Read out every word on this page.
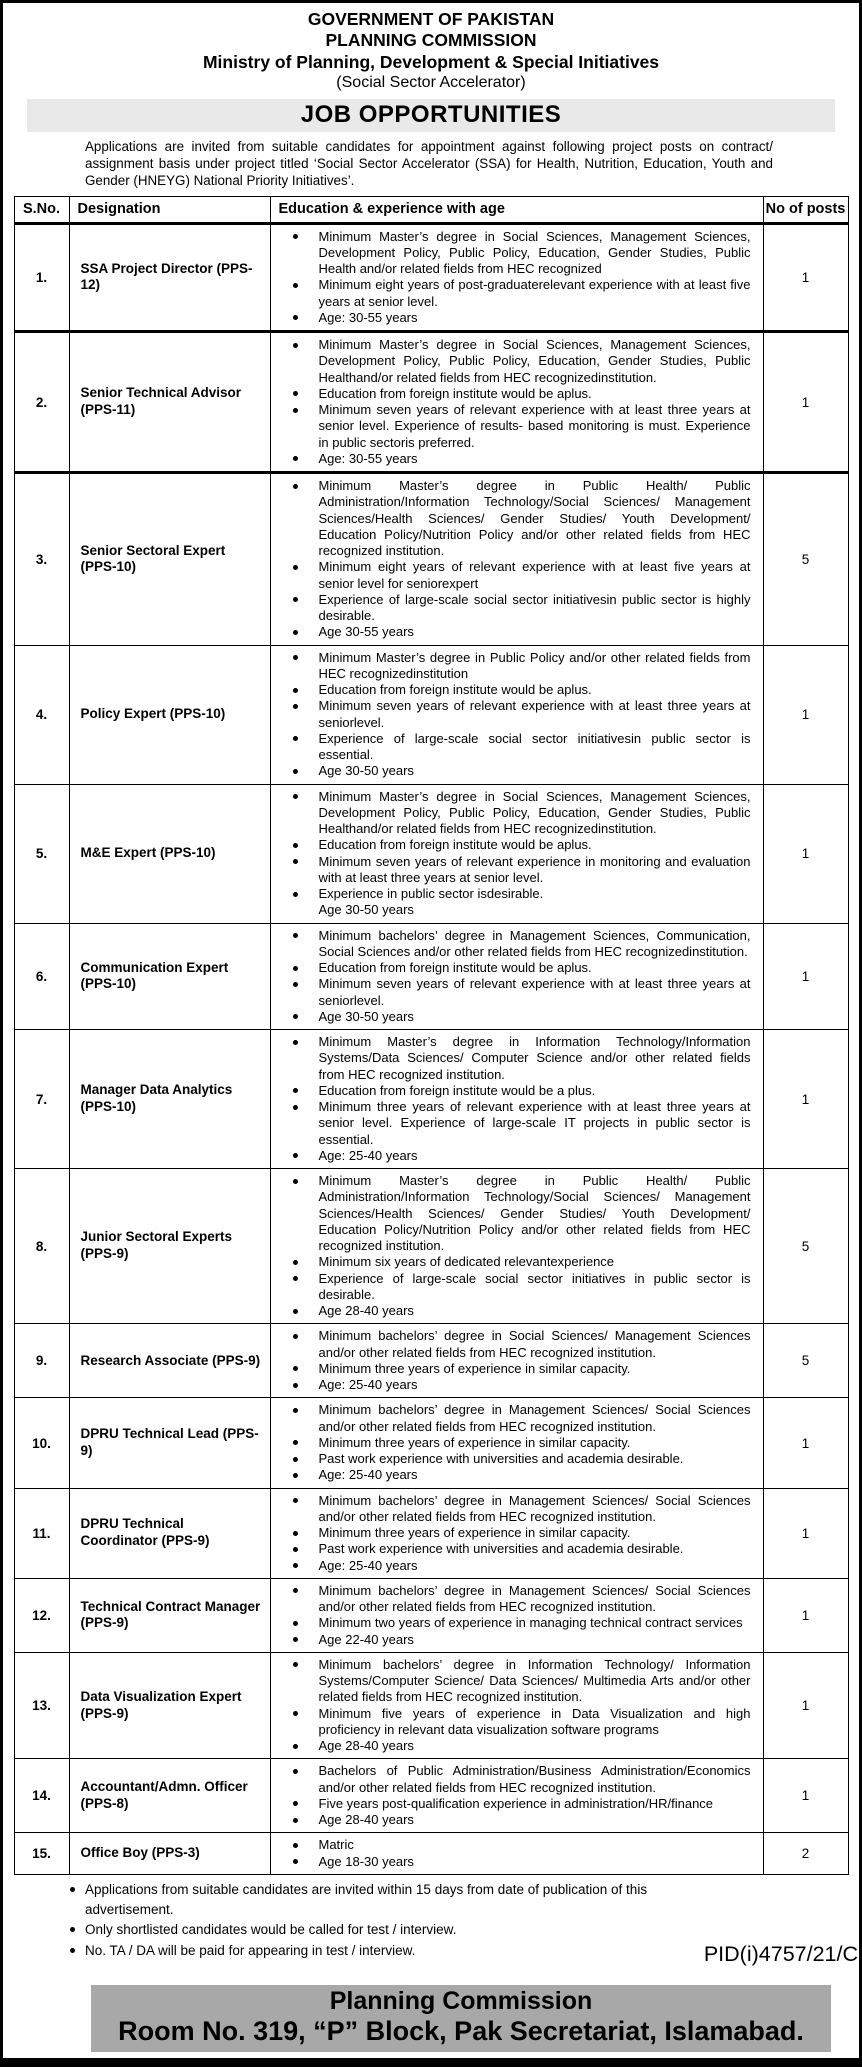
GOVERNMENT OF PAKISTAN
PLANNING COMMISSION
Ministry of Planning, Development & Special Initiatives
(Social Sector Accelerator)
JOB OPPORTUNITIES

Applications are invited from suitable candidates for appointment against following project posts on contract/ assignment basis under project titled ‘Social Sector Accelerator (SSA) for Health, Nutrition, Education, Youth and Gender (HNEYG) National Priority Initiatives’.

S.No.	Designation	Education & experience with age	No of posts
1.	SSA Project Director (PPS-12)	
Minimum Master’s degree in Social Sciences, Management Sciences, Development Policy, Public Policy, Education, Gender Studies, Public Health and/or related fields from HEC recognized
Minimum eight years of post-graduaterelevant experience with at least five years at senior level.
Age: 30-55 years
	1
2.	Senior Technical Advisor (PPS-11)	
Minimum Master’s degree in Social Sciences, Management Sciences, Development Policy, Public Policy, Education, Gender Studies, Public Healthand/or related fields from HEC recognizedinstitution.
Education from foreign institute would be aplus.
Minimum seven years of relevant experience with at least three years at senior level. Experience of results- based monitoring is must. Experience in public sectoris preferred.
Age: 30-55 years
	1
3.	Senior Sectoral Expert (PPS-10)	
Minimum Master’s degree in Public Health/ Public Administration/Information Technology/Social Sciences/ Management Sciences/Health Sciences/ Gender Studies/ Youth Development/ Education Policy/Nutrition Policy and/or other related fields from HEC recognized institution.
Minimum eight years of relevant experience with at least five years at senior level for seniorexpert
Experience of large-scale social sector initiativesin public sector is highly desirable.
Age 30-55 years
	5
4.	Policy Expert (PPS-10)	
Minimum Master’s degree in Public Policy and/or other related fields from HEC recognizedinstitution
Education from foreign institute would be aplus.
Minimum seven years of relevant experience with at least three years at seniorlevel.
Experience of large-scale social sector initiativesin public sector is essential.
Age 30-50 years
	1
5.	M&E Expert (PPS-10)	
Minimum Master’s degree in Social Sciences, Management Sciences, Development Policy, Public Policy, Education, Gender Studies, Public Healthand/or related fields from HEC recognizedinstitution.
Education from foreign institute would be aplus.
Minimum seven years of relevant experience in monitoring and evaluation with at least three years at senior level.
Experience in public sector isdesirable.
Age 30-50 years
	1
6.	Communication Expert (PPS-10)	
Minimum bachelors’ degree in Management Sciences, Communication, Social Sciences and/or other related fields from HEC recognizedinstitution.
Education from foreign institute would be aplus.
Minimum seven years of relevant experience with at least three years at seniorlevel.
Age 30-50 years
	1
7.	Manager Data Analytics (PPS-10)	
Minimum Master’s degree in Information Technology/Information Systems/Data Sciences/ Computer Science and/or other related fields from HEC recognized institution.
Education from foreign institute would be a plus.
Minimum three years of relevant experience with at least three years at senior level. Experience of large-scale IT projects in public sector is essential.
Age: 25-40 years
	1
8.	Junior Sectoral Experts (PPS-9)	
Minimum Master’s degree in Public Health/ Public Administration/Information Technology/Social Sciences/ Management Sciences/Health Sciences/ Gender Studies/ Youth Development/ Education Policy/Nutrition Policy and/or other related fields from HEC recognized institution.
Minimum six years of dedicated relevantexperience
Experience of large-scale social sector initiatives in public sector is desirable.
Age 28-40 years
	5
9.	Research Associate (PPS-9)	
Minimum bachelors’ degree in Social Sciences/ Management Sciences and/or other related fields from HEC recognized institution.
Minimum three years of experience in similar capacity.
Age: 25-40 years
	5
10.	DPRU Technical Lead (PPS-9)	
Minimum bachelors’ degree in Management Sciences/ Social Sciences and/or other related fields from HEC recognized institution.
Minimum three years of experience in similar capacity.
Past work experience with universities and academia desirable.
Age: 25-40 years
	1
11.	DPRU Technical Coordinator (PPS-9)	
Minimum bachelors’ degree in Management Sciences/ Social Sciences and/or other related fields from HEC recognized institution.
Minimum three years of experience in similar capacity.
Past work experience with universities and academia desirable.
Age: 25-40 years
	1
12.	Technical Contract Manager (PPS-9)	
Minimum bachelors’ degree in Management Sciences/ Social Sciences and/or other related fields from HEC recognized institution.
Minimum two years of experience in managing technical contract services
Age 22-40 years
	1
13.	Data Visualization Expert (PPS-9)	
Minimum bachelors’ degree in Information Technology/ Information Systems/Computer Science/ Data Sciences/ Multimedia Arts and/or other related fields from HEC recognized institution.
Minimum five years of experience in Data Visualization and high proficiency in relevant data visualization software programs
Age 28-40 years
	1
14.	Accountant/Admn. Officer (PPS-8)	
Bachelors of Public Administration/Business Administration/Economics and/or other related fields from HEC recognized institution.
Five years post-qualification experience in administration/HR/finance
Age 28-40 years
	1
15.	Office Boy (PPS-3)	
Matric
Age 18-30 years	2
Applications from suitable candidates are invited within 15 days from date of publication of this advertisement.
Only shortlisted candidates would be called for test / interview.
No. TA / DA will be paid for appearing in test / interview.	PID(i)4757/21/C
Planning Commission
Room No. 319, “P” Block, Pak Secretariat, Islamabad.
